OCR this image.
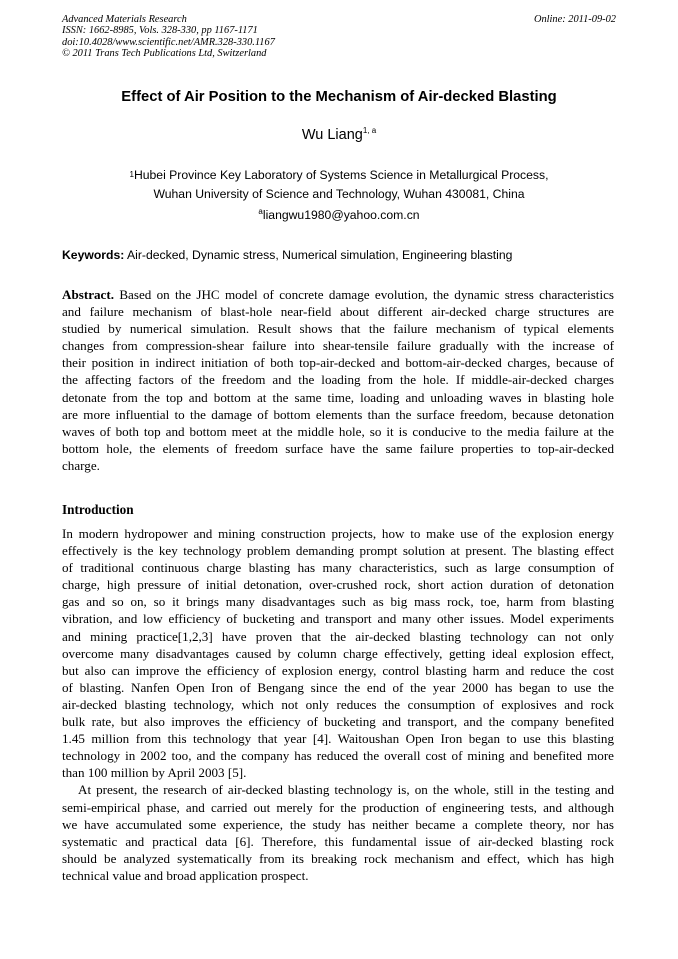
Advanced Materials Research
ISSN: 1662-8985, Vols. 328-330, pp 1167-1171
doi:10.4028/www.scientific.net/AMR.328-330.1167
© 2011 Trans Tech Publications Ltd, Switzerland
Online: 2011-09-02
Effect of Air Position to the Mechanism of Air-decked Blasting
Wu Liang$^{1, a}$
$^1$Hubei Province Key Laboratory of Systems Science in Metallurgical Process,
Wuhan University of Science and Technology, Wuhan 430081, China
$^a$liangwu1980@yahoo.com.cn
Keywords: Air-decked, Dynamic stress, Numerical simulation, Engineering blasting
Abstract. Based on the JHC model of concrete damage evolution, the dynamic stress characteristics
and failure mechanism of blast-hole near-field about different air-decked charge structures are
studied by numerical simulation. Result shows that the failure mechanism of typical elements
changes from compression-shear failure into shear-tensile failure gradually with the increase of
their position in indirect initiation of both top-air-decked and bottom-air-decked charges, because of
the affecting factors of the freedom and the loading from the hole. If middle-air-decked charges
detonate from the top and bottom at the same time, loading and unloading waves in blasting hole
are more influential to the damage of bottom elements than the surface freedom, because detonation
waves of both top and bottom meet at the middle hole, so it is conducive to the media failure at the
bottom hole, the elements of freedom surface have the same failure properties to top-air-decked
charge.
Introduction
In modern hydropower and mining construction projects, how to make use of the explosion energy
effectively is the key technology problem demanding prompt solution at present. The blasting effect
of traditional continuous charge blasting has many characteristics, such as large consumption of
charge, high pressure of initial detonation, over-crushed rock, short action duration of detonation
gas and so on, so it brings many disadvantages such as big mass rock, toe, harm from blasting
vibration, and low efficiency of bucketing and transport and many other issues. Model experiments
and mining practice[1,2,3] have proven that the air-decked blasting technology can not only
overcome many disadvantages caused by column charge effectively, getting ideal explosion effect,
but also can improve the efficiency of explosion energy, control blasting harm and reduce the cost
of blasting. Nanfen Open Iron of Bengang since the end of the year 2000 has began to use the
air-decked blasting technology, which not only reduces the consumption of explosives and rock
bulk rate, but also improves the efficiency of bucketing and transport, and the company benefited
1.45 million from this technology that year [4]. Waitoushan Open Iron began to use this blasting
technology in 2002 too, and the company has reduced the overall cost of mining and benefited more
than 100 million by April 2003 [5].
At present, the research of air-decked blasting technology is, on the whole, still in the testing and
semi-empirical phase, and carried out merely for the production of engineering tests, and although
we have accumulated some experience, the study has neither became a complete theory, nor has
systematic and practical data [6]. Therefore, this fundamental issue of air-decked blasting rock
should be analyzed systematically from its breaking rock mechanism and effect, which has high
technical value and broad application prospect.
